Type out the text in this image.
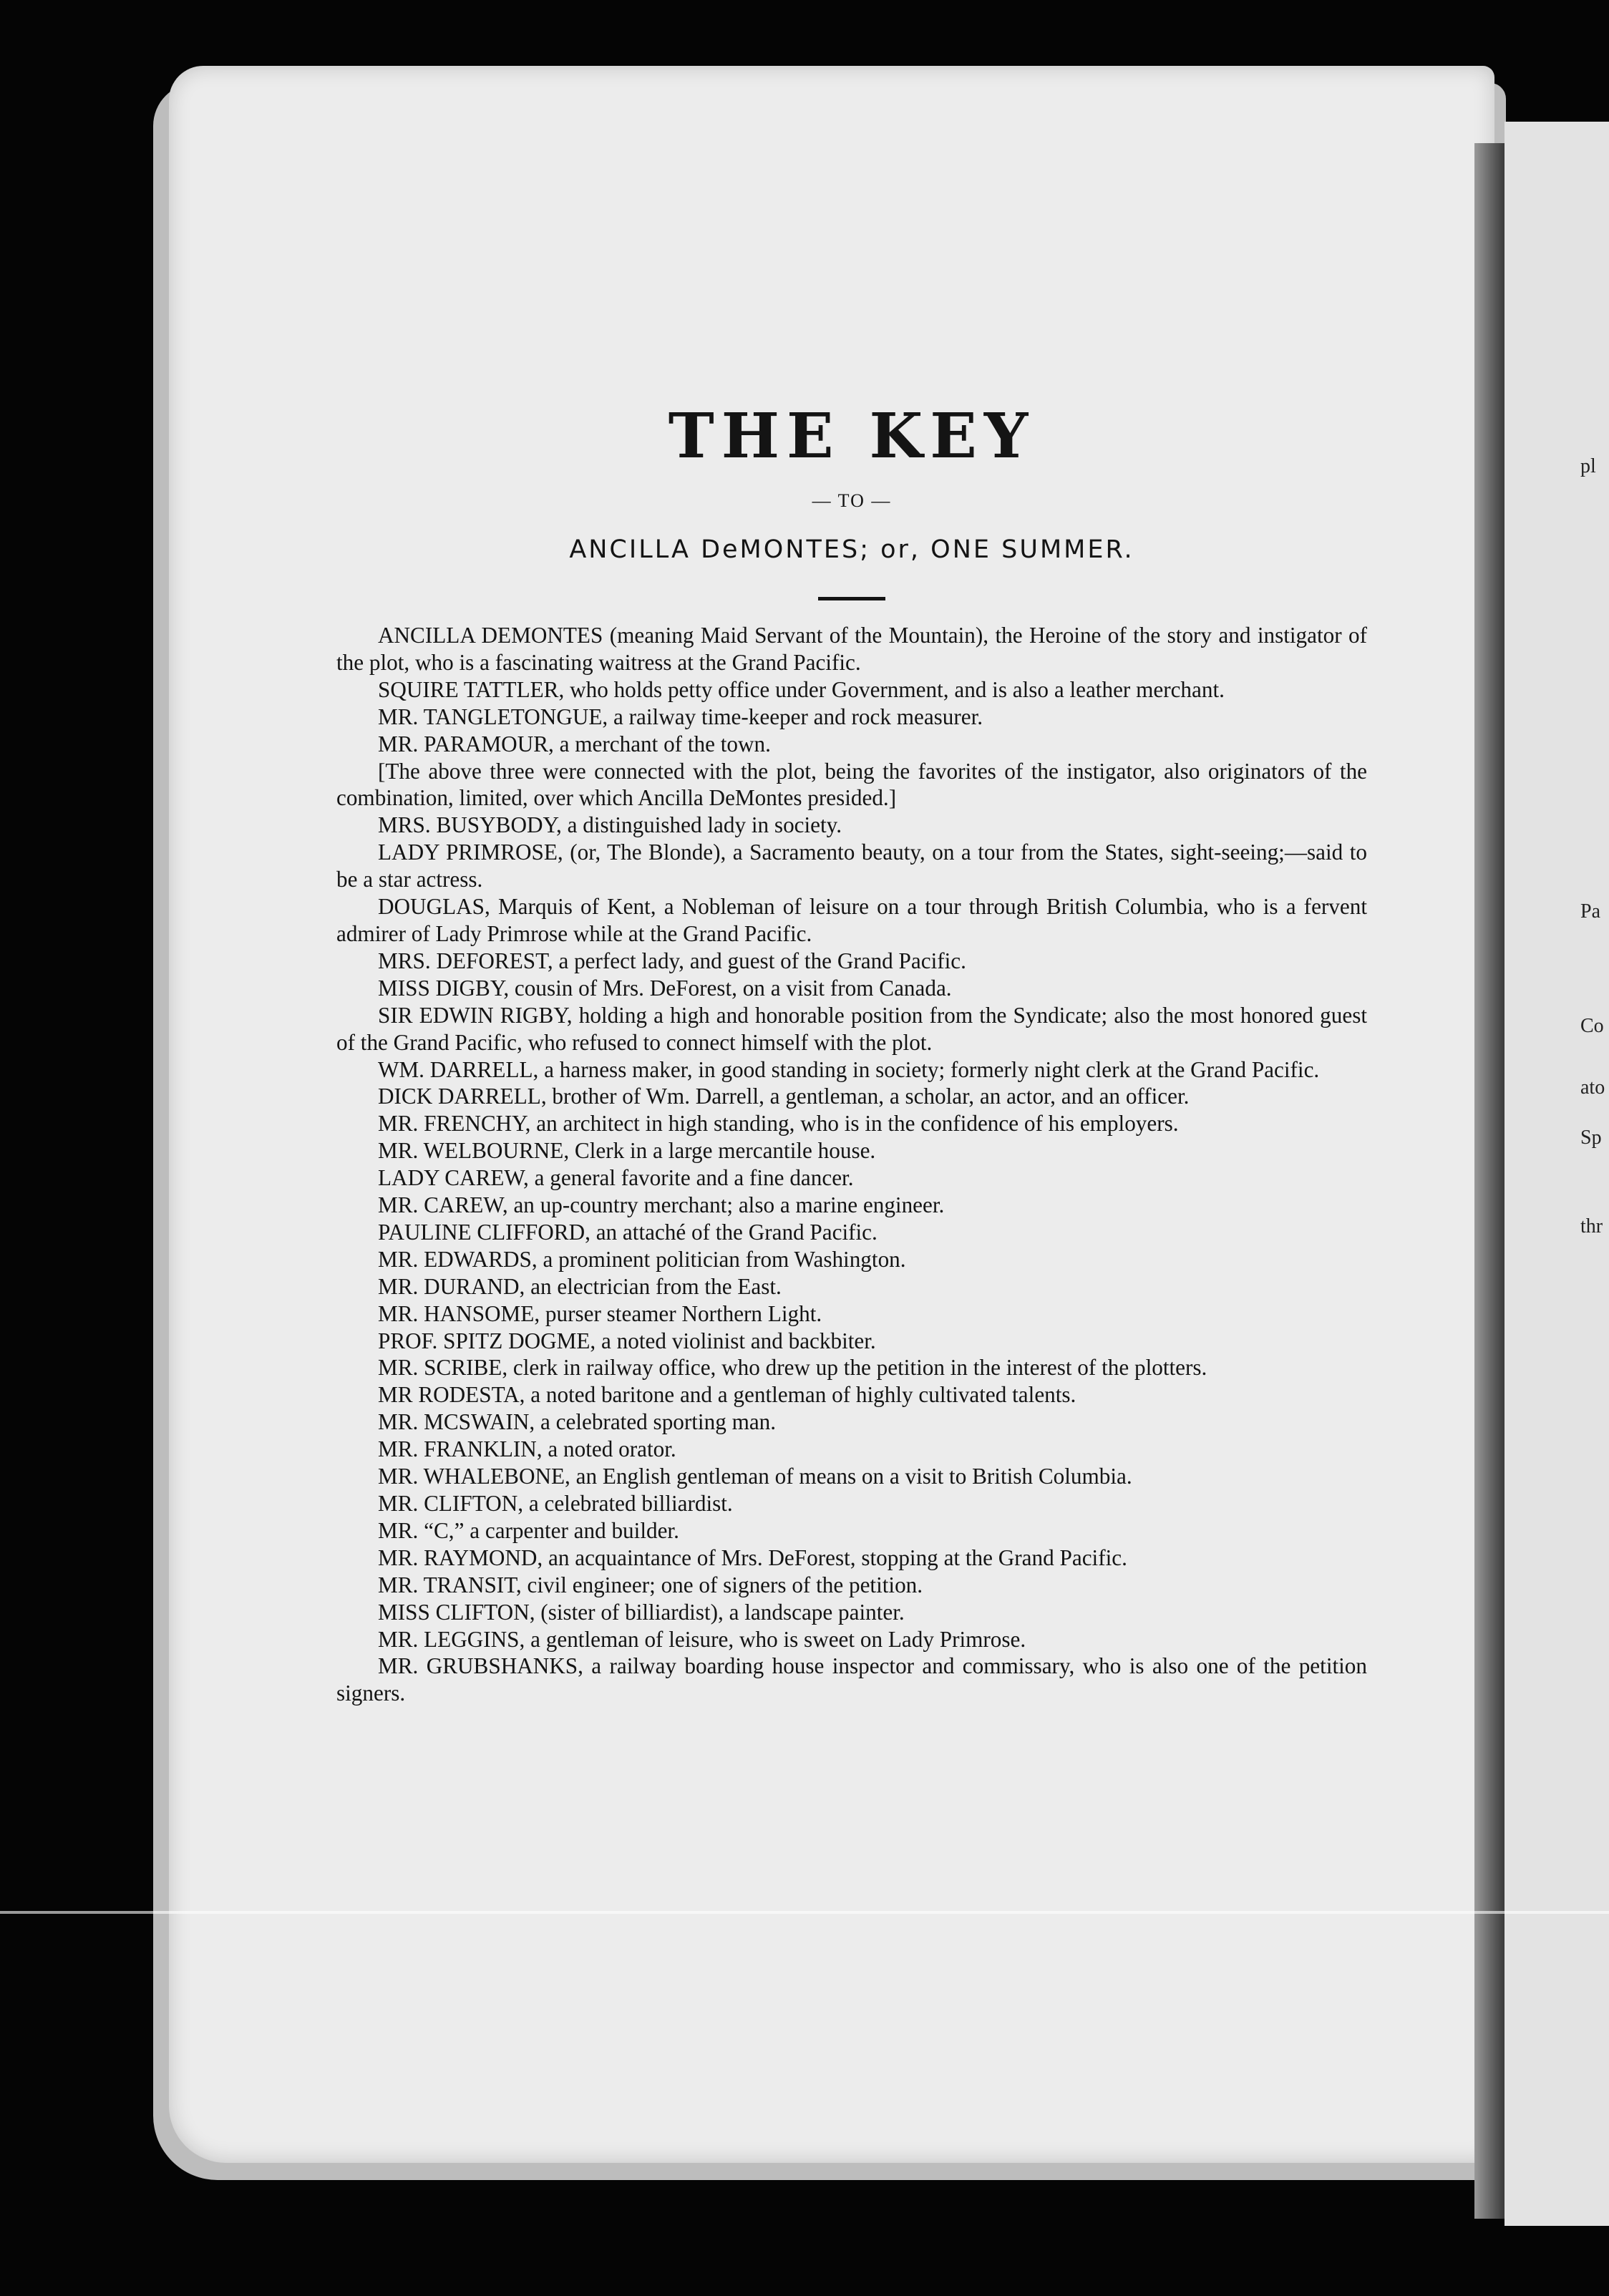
pl
Pa
Co
ato
Sp
thr
THE KEY
— TO —
ANCILLA DeMONTES; or, ONE SUMMER.

ANCILLA DEMONTES (meaning Maid Servant of the Mountain), the Heroine of the story and instigator of the plot, who is a fascinating waitress at the Grand Pacific.

SQUIRE TATTLER, who holds petty office under Government, and is also a leather merchant.

MR. TANGLETONGUE, a railway time-keeper and rock measurer.

MR. PARAMOUR, a merchant of the town.

[The above three were connected with the plot, being the favorites of the instigator, also originators of the combination, limited, over which Ancilla DeMontes presided.]

MRS. BUSYBODY, a distinguished lady in society.

LADY PRIMROSE, (or, The Blonde), a Sacramento beauty, on a tour from the States, sight-seeing;—said to be a star actress.

DOUGLAS, Marquis of Kent, a Nobleman of leisure on a tour through British Columbia, who is a fervent admirer of Lady Primrose while at the Grand Pacific.

MRS. DEFOREST, a perfect lady, and guest of the Grand Pacific.

MISS DIGBY, cousin of Mrs. DeForest, on a visit from Canada.

SIR EDWIN RIGBY, holding a high and honorable position from the Syndicate; also the most honored guest of the Grand Pacific, who refused to connect himself with the plot.

WM. DARRELL, a harness maker, in good standing in society; formerly night clerk at the Grand Pacific.

DICK DARRELL, brother of Wm. Darrell, a gentleman, a scholar, an actor, and an officer.

MR. FRENCHY, an architect in high standing, who is in the confidence of his employers.

MR. WELBOURNE, Clerk in a large mercantile house.

LADY CAREW, a general favorite and a fine dancer.

MR. CAREW, an up-country merchant; also a marine engineer.

PAULINE CLIFFORD, an attaché of the Grand Pacific.

MR. EDWARDS, a prominent politician from Washington.

MR. DURAND, an electrician from the East.

MR. HANSOME, purser steamer Northern Light.

PROF. SPITZ DOGME, a noted violinist and backbiter.

MR. SCRIBE, clerk in railway office, who drew up the petition in the interest of the plotters.

MR RODESTA, a noted baritone and a gentleman of highly cultivated talents.

MR. MCSWAIN, a celebrated sporting man.

MR. FRANKLIN, a noted orator.

MR. WHALEBONE, an English gentleman of means on a visit to British Columbia.

MR. CLIFTON, a celebrated billiardist.

MR. “C,” a carpenter and builder.

MR. RAYMOND, an acquaintance of Mrs. DeForest, stopping at the Grand Pacific.

MR. TRANSIT, civil engineer; one of signers of the petition.

MISS CLIFTON, (sister of billiardist), a landscape painter.

MR. LEGGINS, a gentleman of leisure, who is sweet on Lady Primrose.

MR. GRUBSHANKS, a railway boarding house inspector and commissary, who is also one of the petition signers.
